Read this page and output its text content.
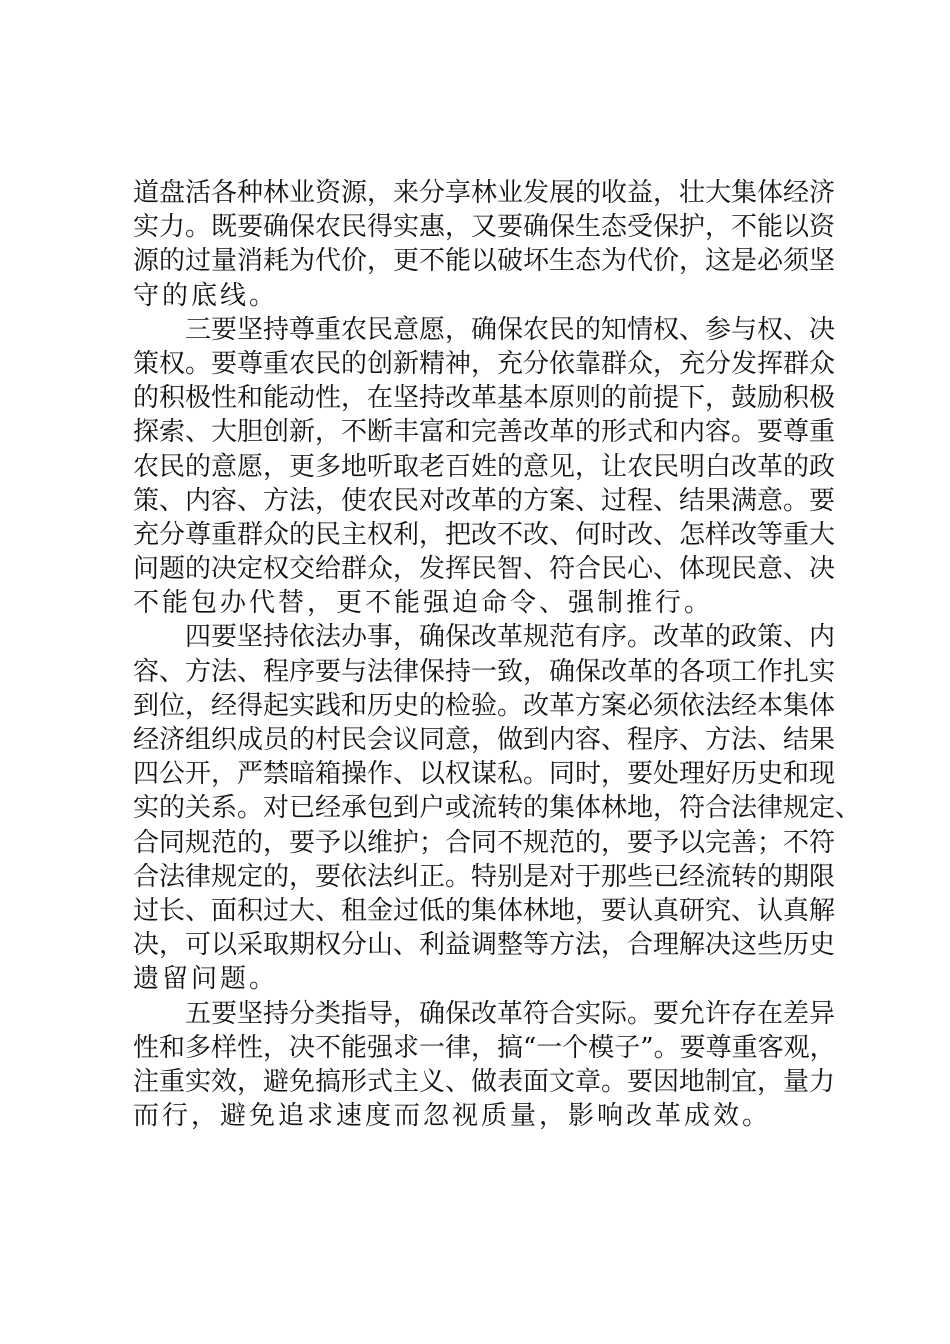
道盘活各种林业资源，来分享林业发展的收益，壮大集体经济
实力。既要确保农民得实惠，又要确保生态受保护，不能以资
源的过量消耗为代价，更不能以破坏生态为代价，这是必须坚
守的底线。
三要坚持尊重农民意愿，确保农民的知情权、参与权、决
策权。要尊重农民的创新精神，充分依靠群众，充分发挥群众
的积极性和能动性，在坚持改革基本原则的前提下，鼓励积极
探索、大胆创新，不断丰富和完善改革的形式和内容。要尊重
农民的意愿，更多地听取老百姓的意见，让农民明白改革的政
策、内容、方法，使农民对改革的方案、过程、结果满意。要
充分尊重群众的民主权利，把改不改、何时改、怎样改等重大
问题的决定权交给群众，发挥民智、符合民心、体现民意、决
不能包办代替，更不能强迫命令、强制推行。
四要坚持依法办事，确保改革规范有序。改革的政策、内
容、方法、程序要与法律保持一致，确保改革的各项工作扎实
到位，经得起实践和历史的检验。改革方案必须依法经本集体
经济组织成员的村民会议同意，做到内容、程序、方法、结果
四公开，严禁暗箱操作、以权谋私。同时，要处理好历史和现
实的关系。对已经承包到户或流转的集体林地，符合法律规定、
合同规范的，要予以维护；合同不规范的，要予以完善；不符
合法律规定的，要依法纠正。特别是对于那些已经流转的期限
过长、面积过大、租金过低的集体林地，要认真研究、认真解
决，可以采取期权分山、利益调整等方法，合理解决这些历史
遗留问题。
五要坚持分类指导，确保改革符合实际。要允许存在差异
性和多样性，决不能强求一律，搞“一个模子”。要尊重客观，
注重实效，避免搞形式主义、做表面文章。要因地制宜，量力
而行，避免追求速度而忽视质量，影响改革成效。
